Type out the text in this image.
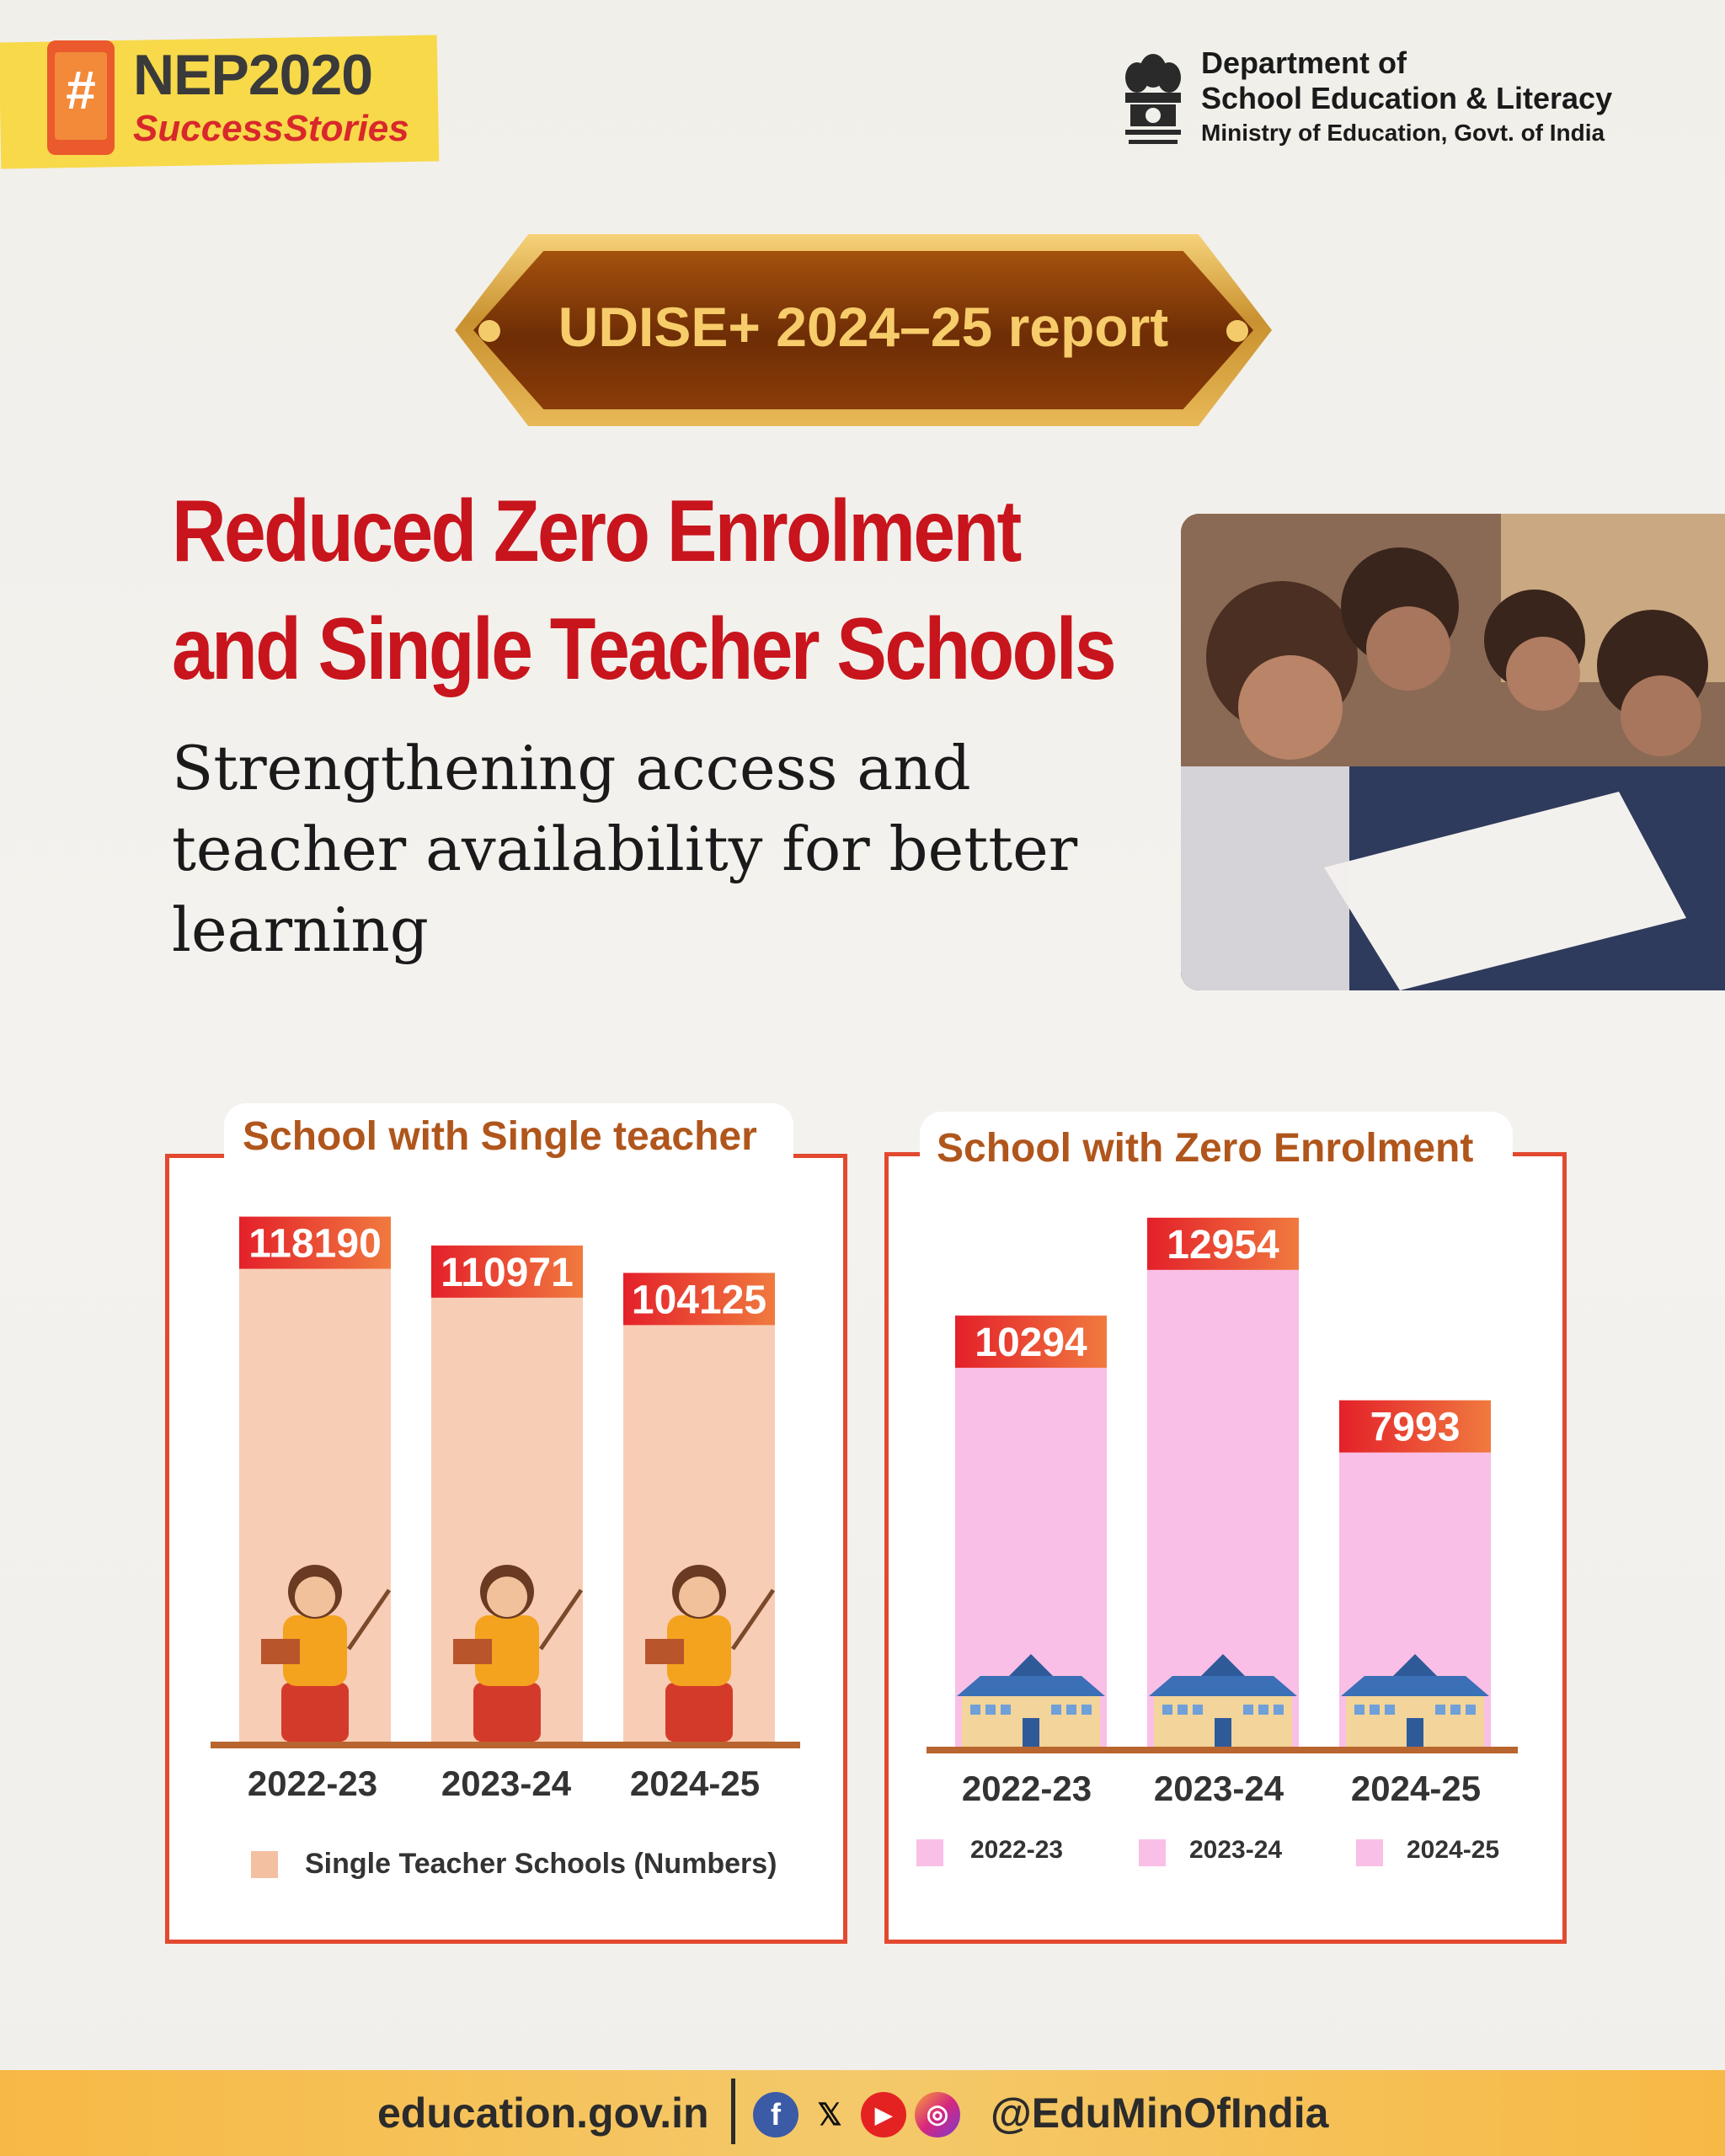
# NEP2020
SuccessStories
Department of
School Education & Literacy
Ministry of Education, Govt. of India
UDISE+ 2024–25 report
Reduced Zero Enrolment
and Single Teacher Schools
Strengthening access and
teacher availability for better
learning
School with Single teacher
118190
110971
104125
2022-23	2023-24	2024-25
Single Teacher Schools (Numbers)
School with Zero Enrolment
10294
12954
7993
2022-23	2023-24	2024-25
2022-23	2023-24	2024-25
education.gov.in	f	𝕏	▶	◎ @EduMinOfIndia
